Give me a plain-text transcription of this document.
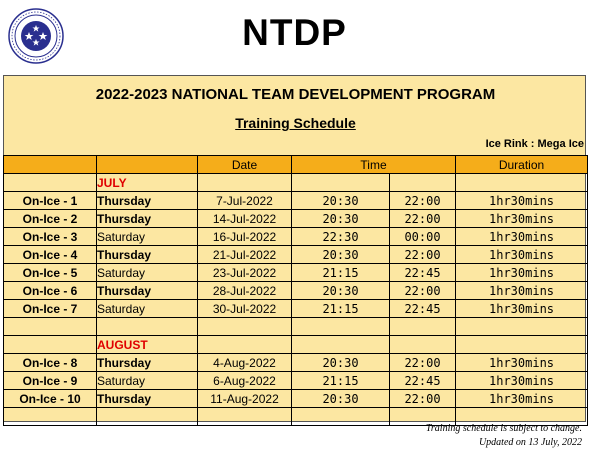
NTDP
2022-2023 NATIONAL TEAM DEVELOPMENT PROGRAM
Training Schedule
Ice Rink : Mega Ice
		Date	Time		Duration
	JULY				
On-Ice - 1	Thursday	7-Jul-2022	20:30	22:00	1hr30mins
On-Ice - 2	Thursday	14-Jul-2022	20:30	22:00	1hr30mins
On-Ice - 3	Saturday	16-Jul-2022	22:30	00:00	1hr30mins
On-Ice - 4	Thursday	21-Jul-2022	20:30	22:00	1hr30mins
On-Ice - 5	Saturday	23-Jul-2022	21:15	22:45	1hr30mins
On-Ice - 6	Thursday	28-Jul-2022	20:30	22:00	1hr30mins
On-Ice - 7	Saturday	30-Jul-2022	21:15	22:45	1hr30mins

	AUGUST				
On-Ice - 8	Thursday	4-Aug-2022	20:30	22:00	1hr30mins
On-Ice - 9	Saturday	6-Aug-2022	21:15	22:45	1hr30mins
On-Ice - 10	Thursday	11-Aug-2022	20:30	22:00	1hr30mins

Training schedule is subject to change.
Updated on 13 July, 2022
